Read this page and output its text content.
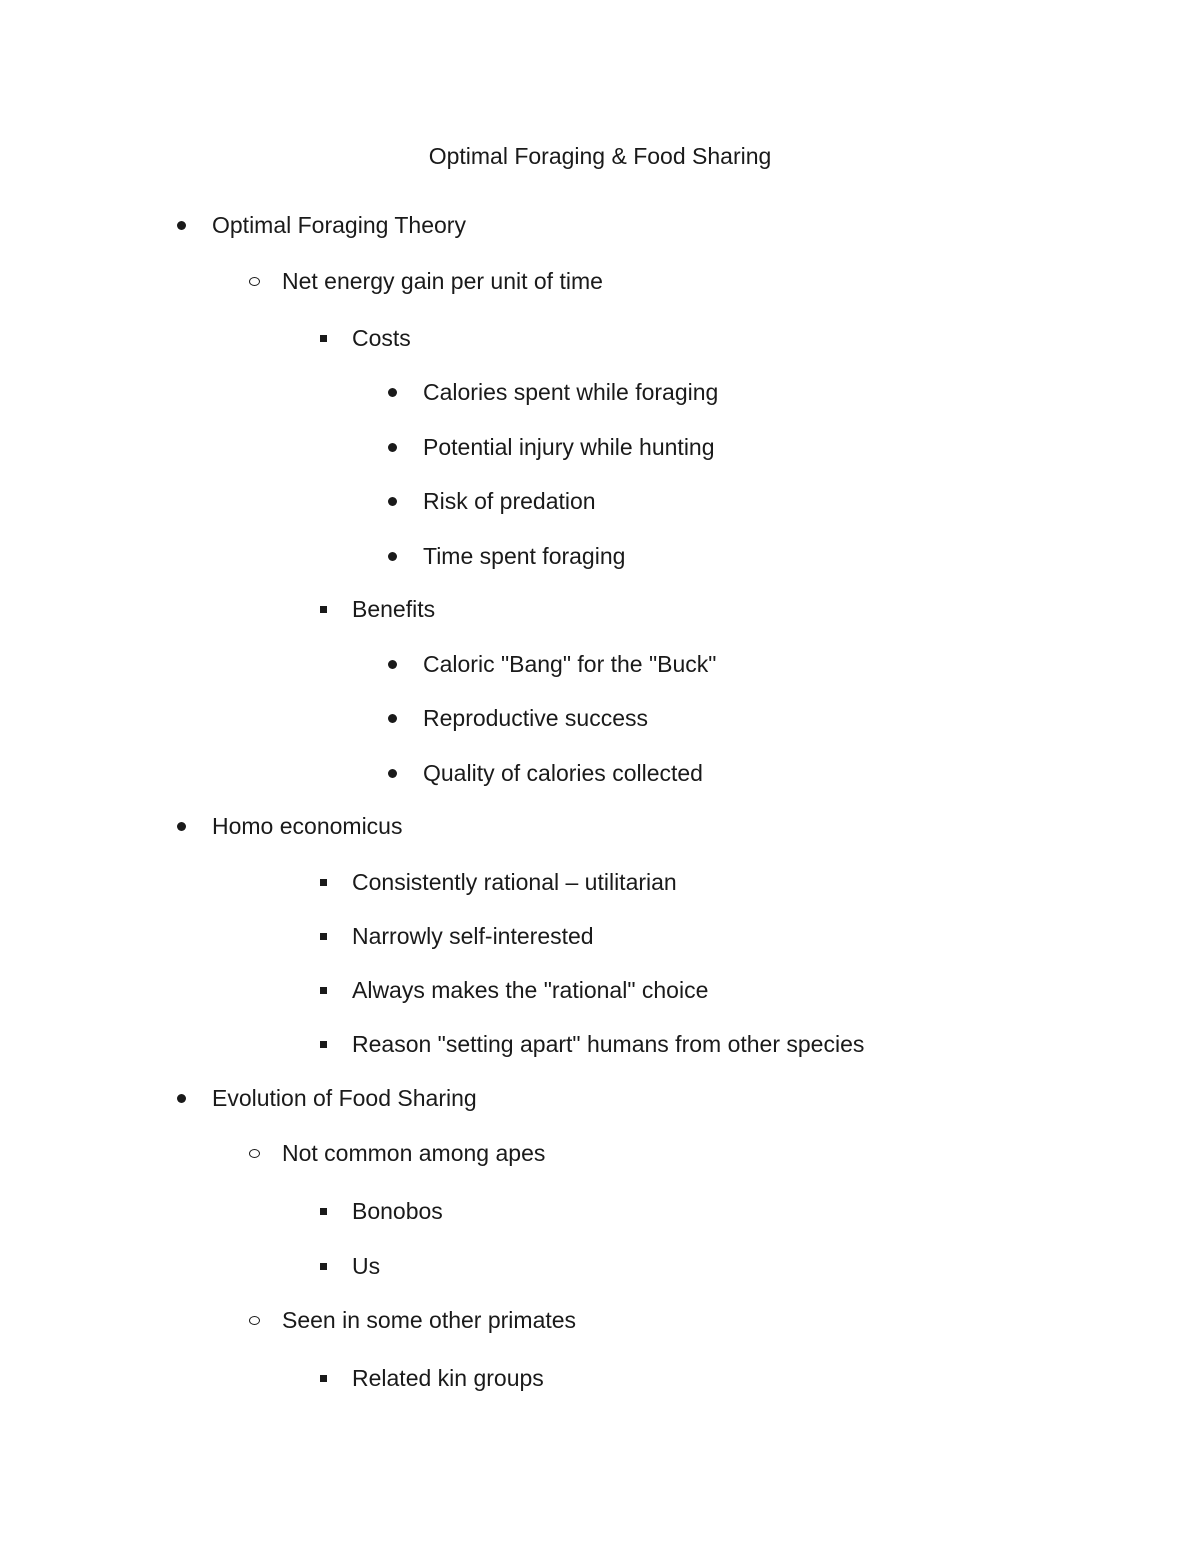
Optimal Foraging & Food Sharing
Optimal Foraging Theory
Net energy gain per unit of time
Costs
Calories spent while foraging
Potential injury while hunting
Risk of predation
Time spent foraging
Benefits
Caloric "Bang" for the "Buck"
Reproductive success
Quality of calories collected
Homo economicus
Consistently rational – utilitarian
Narrowly self-interested
Always makes the "rational" choice
Reason "setting apart" humans from other species
Evolution of Food Sharing
Not common among apes
Bonobos
Us
Seen in some other primates
Related kin groups
